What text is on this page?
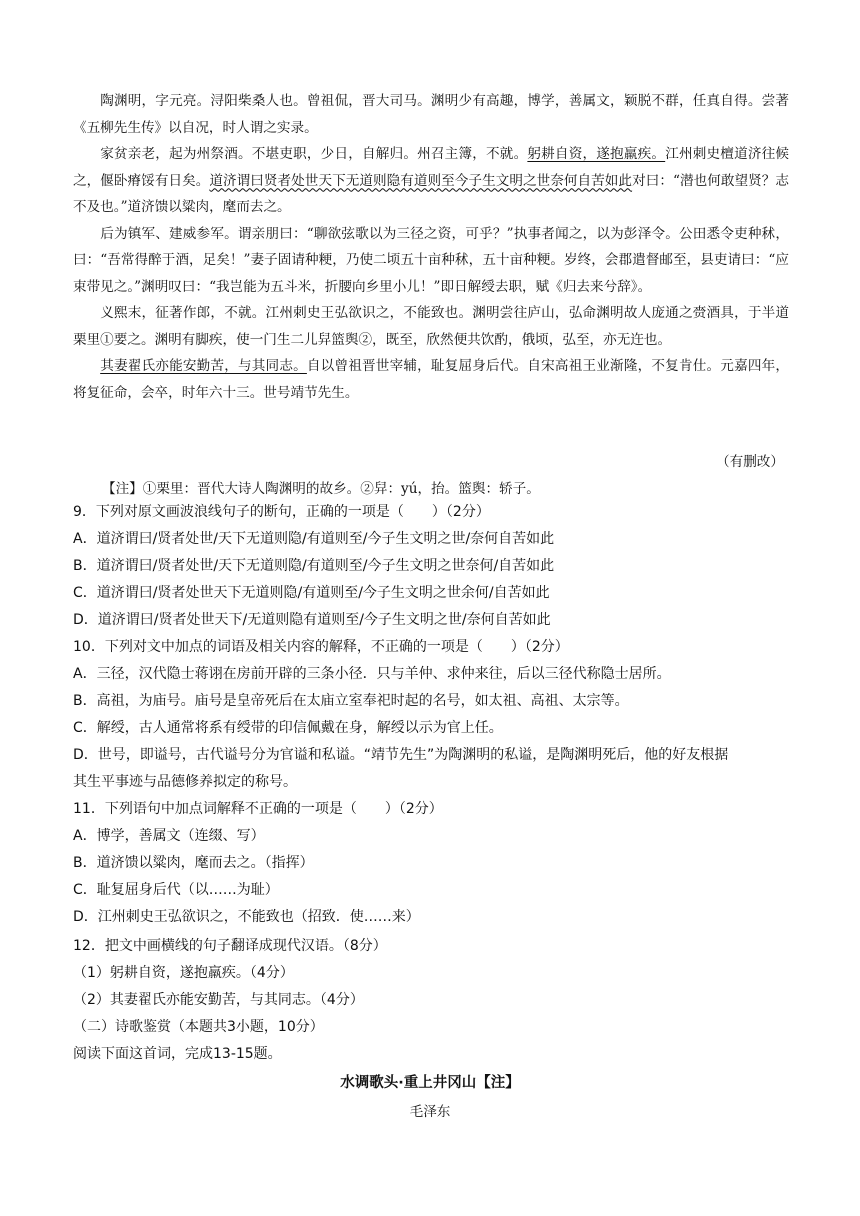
陶渊明，字元亮。浔阳柴桑人也。曾祖侃，晋大司马。渊明少有高趣，博学，善属文，颖脱不群，任真自得。尝著《五柳先生传》以自况，时人谓之实录。

家贫亲老，起为州祭酒。不堪吏职，少日，自解归。州召主簿，不就。躬耕自资，遂抱羸疾。江州刺史檀道济往候之，偃卧瘠馁有日矣。道济谓曰贤者处世天下无道则隐有道则至今子生文明之世奈何自苦如此对曰：“潜也何敢望贤？志不及也。”道济馈以粱肉，麾而去之。

后为镇军、建威参军。谓亲朋曰：“聊欲弦歌以为三径之资，可乎？”执事者闻之，以为彭泽令。公田悉令吏种秫，曰：“吾常得醉于酒，足矣！”妻子固请种粳，乃使二顷五十亩种秫，五十亩种粳。岁终，会郡遣督邮至，县吏请曰：“应束带见之。”渊明叹曰：“我岂能为五斗米，折腰向乡里小儿！”即日解绶去职，赋《归去来兮辞》。

义熙末，征著作郎，不就。江州刺史王弘欲识之，不能致也。渊明尝往庐山，弘命渊明故人庞通之赍酒具，于半道栗里①要之。渊明有脚疾，使一门生二儿舁篮舆②，既至，欣然便共饮酌，俄顷，弘至，亦无迕也。

其妻翟氏亦能安勤苦，与其同志。自以曾祖晋世宰辅，耻复屈身后代。自宋高祖王业渐隆，不复肯仕。元嘉四年，将复征命，会卒，时年六十三。世号靖节先生。

（有删改）
【注】①栗里：晋代大诗人陶渊明的故乡。②舁：yú，抬。篮舆：轿子。
9．下列对原文画波浪线句子的断句，正确的一项是（　　）（2分）
A．道济谓曰/贤者处世/天下无道则隐/有道则至/今子生文明之世/奈何自苦如此
B．道济谓曰/贤者处世/天下无道则隐/有道则至/今子生文明之世奈何/自苦如此
C．道济谓曰/贤者处世天下无道则隐/有道则至/今子生文明之世余何/自苦如此
D．道济谓曰/贤者处世天下/无道则隐有道则至/今子生文明之世/奈何自苦如此
10．下列对文中加点的词语及相关内容的解释，不正确的一项是（　　）（2分）
A．三径，汉代隐士蒋诩在房前开辟的三条小径．只与羊仲、求仲来往，后以三径代称隐士居所。
B．高祖，为庙号。庙号是皇帝死后在太庙立室奉祀时起的名号，如太祖、高祖、太宗等。
C．解绶，古人通常将系有绶带的印信佩戴在身，解绶以示为官上任。
D．世号，即谥号，古代谥号分为官谥和私谥。“靖节先生”为陶渊明的私谥，是陶渊明死后，他的好友根据
其生平事迹与品德修养拟定的称号。
11．下列语句中加点词解释不正确的一项是（　　）（2分）
A．博学，善属文（连缀、写）
B．道济馈以粱肉，麾而去之。（指挥）
C．耻复屈身后代（以……为耻）
D．江州刺史王弘欲识之，不能致也（招致．使……来）
12．把文中画横线的句子翻译成现代汉语。（8分）
（1）躬耕自资，遂抱羸疾。（4分）
（2）其妻翟氏亦能安勤苦，与其同志。（4分）
（二）诗歌鉴赏（本题共3小题，10分）
阅读下面这首词，完成13-15题。
水调歌头·重上井冈山【注】
毛泽东
